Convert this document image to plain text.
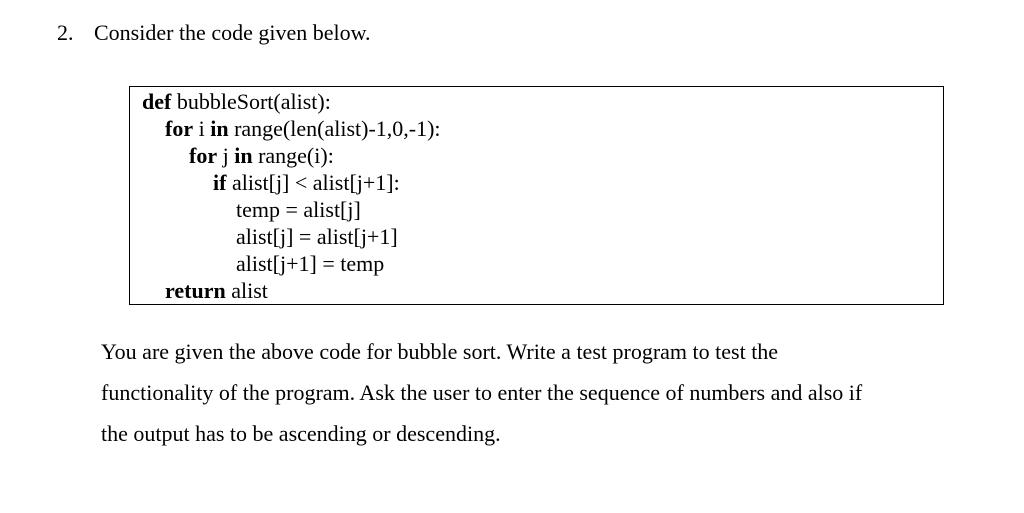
2. Consider the code given below.
def bubbleSort(alist):
for i in range(len(alist)-1,0,-1):
for j in range(i):
if alist[j] < alist[j+1]:
temp = alist[j]
alist[j] = alist[j+1]
alist[j+1] = temp
return alist
You are given the above code for bubble sort. Write a test program to test the
functionality of the program. Ask the user to enter the sequence of numbers and also if
the output has to be ascending or descending.
